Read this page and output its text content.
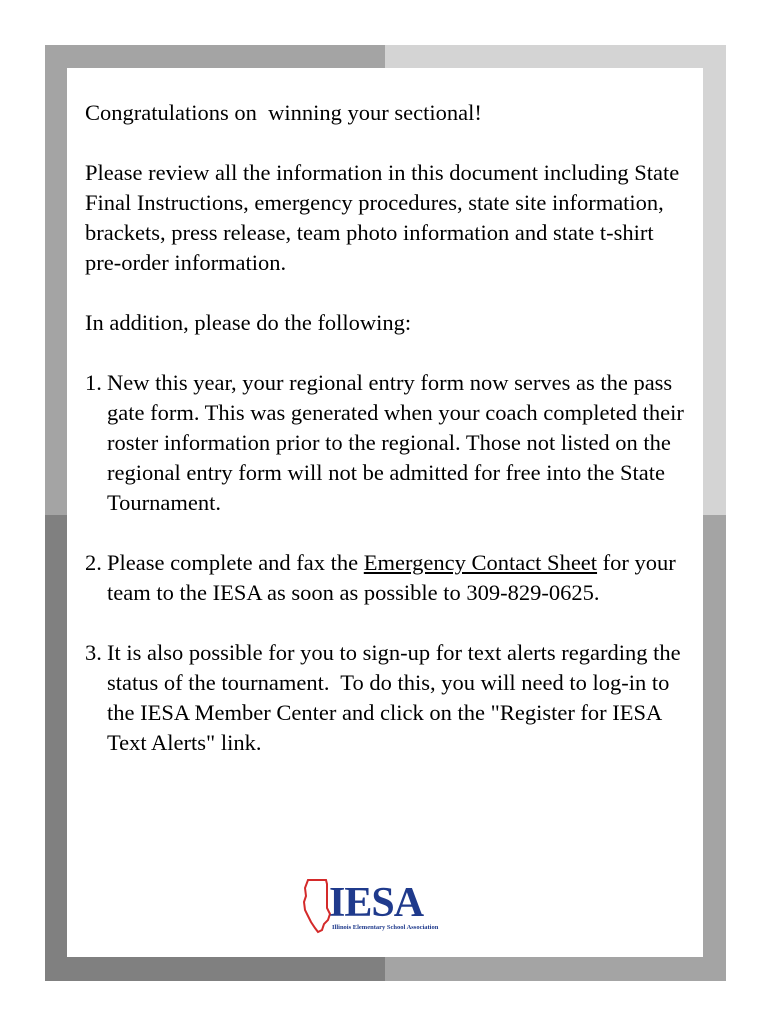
Congratulations on  winning your sectional!

Please review all the information in this document including State Final Instructions, emergency procedures, state site information, brackets, press release, team photo information and state t-shirt pre-order information.

In addition, please do the following:

1. New this year, your regional entry form now serves as the pass gate form. This was generated when your coach completed their roster information prior to the regional. Those not listed on the regional entry form will not be admitted for free into the State Tournament.
2. Please complete and fax the Emergency Contact Sheet for your team to the IESA as soon as possible to 309-829-0625.
3. It is also possible for you to sign-up for text alerts regarding the status of the tournament.  To do this, you will need to log-in to the IESA Member Center and click on the "Register for IESA Text Alerts" link.
IESA
Illinois Elementary School Association
